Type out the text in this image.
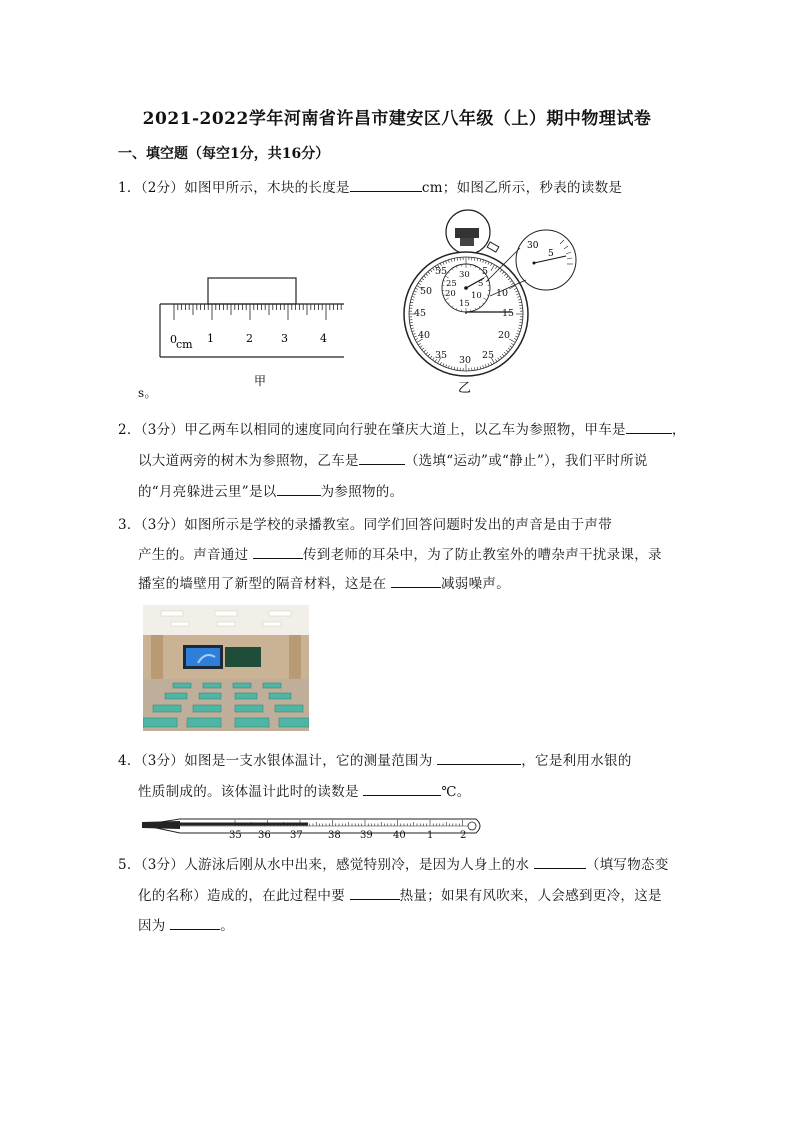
2021-2022学年河南省许昌市建安区八年级（上）期中物理试卷
一、填空题（每空1分，共16分）
1．（2分）如图甲所示，木块的长度是	cm；如图乙所示，秒表的读数是
0 cm 1	2	3	4
甲
55	5
50	10
45	15
40	20
35	25
30
30
25 5
20 10
15
30
5
乙
s。
2．（3分）甲乙两车以相同的速度同向行驶在肇庆大道上，以乙车为参照物，甲车是	，
以大道两旁的树木为参照物，乙车是	（选填“运动”或“静止”），我们平时所说
的“月亮躲进云里”是以	为参照物的。
3．（3分）如图所示是学校的录播教室。同学们回答问题时发出的声音是由于声带
产生的。声音通过	传到老师的耳朵中，为了防止教室外的嘈杂声干扰录课，录
播室的墙壁用了新型的隔音材料，这是在	减弱噪声。
4．（3分）如图是一支水银体温计，它的测量范围为	，它是利用水银的
性质制成的。该体温计此时的读数是	℃。
35 36 37	38 39 40 1	2
5．（3分）人游泳后刚从水中出来，感觉特别冷，是因为人身上的水	（填写物态变
化的名称）造成的，在此过程中要	热量；如果有风吹来，人会感到更冷，这是
因为	。
